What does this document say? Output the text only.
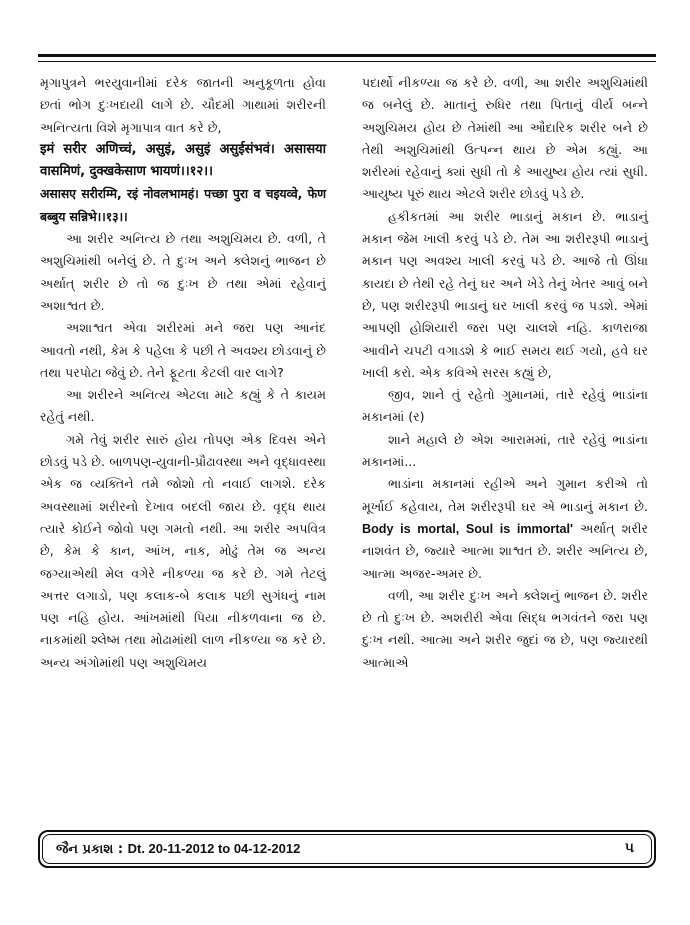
મૃગાપુત્રને ભરયુવાનીમાં દરેક જાતની અનુકૂળતા હોવા છતાં ભોગ દુઃખદાયી લાગે છે. ચૌદમી ગાથામાં શરીરની અનિત્યતા વિશે મૃગાપાત્ર વાત કરે છે,

इमं सरीर अणिच्चं, असुइं, असुइं असुईसंभवं। असासया वासमिणं, दुक्खकेसाण भायणं।।१२।।

असासए सरीरम्मि, रइं नोवलभामहं। पच्छा पुरा व चइयव्वे, फेण बब्बुय सन्निभे।।१३।।

આ શરીર અનિત્ય છે તથા અશુચિમય છે. વળી, તે અશુચિમાંથી બનેલું છે. તે દુઃખ અને ક્લેશનું ભાજન છે અર્થાત્ શરીર છે તો જ દુઃખ છે તથા એમાં રહેવાનું અશાશ્વત છે.

અશાશ્વત એવા શરીરમાં મને જરા પણ આનંદ આવતો નથી, કેમ કે પહેલા કે પછી તે અવશ્ય છોડવાનું છે તથા પરપોટા જેવું છે. તેને ફૂટતા કેટલી વાર લાગે?

આ શરીરને અનિત્ય એટલા માટે કહ્યું કે તે કાયમ રહેતું નથી.

ગમે તેવું શરીર સારું હોય તોપણ એક દિવસ એને છોડવું પડે છે. બાળપણ-યુવાની-પ્રૌઢાવસ્થા અને વૃદ્ધાવસ્થા એક જ વ્યક્તિને તમે જોશો તો નવાઈ લાગશે. દરેક અવસ્થામાં શરીરનો દેખાવ બદલી જાય છે. વૃદ્ધ થાય ત્યારે કોઈને જોવો પણ ગમતો નથી. આ શરીર અપવિત્ર છે, કેમ કે કાન, આંખ, નાક, મોઢું તેમ જ અન્ય જગ્યાએથી મેલ વગેરે નીકળ્યા જ કરે છે. ગમે તેટલું અત્તર લગાડો, પણ કલાક-બે કલાક પછી સુગંધનું નામ પણ નહિ હોય. આંખમાંથી પિયા નીકળવાના જ છે. નાકમાંથી શ્લેષ્મ તથા મોઢામાંથી લાળ નીકળ્યા જ કરે છે. અન્ય અંગોમાંથી પણ અશુચિમય

પદાર્થો નીકળ્યા જ કરે છે. વળી, આ શરીર અશુચિમાંથી જ બનેલું છે. માતાનું રુધિર તથા પિતાનું વીર્ય બન્ને અશુચિમય હોય છે તેમાંથી આ ઔદારિક શરીર બને છે તેથી અશુચિમાંથી ઉત્પન્ન થાય છે એમ કહ્યું. આ શરીરમાં રહેવાનું ક્યાં સુધી તો કે આયુષ્ય હોય ત્યાં સુધી. આયુષ્ય પૂરું થાય એટલે શરીર છોડવું પડે છે.

હકીકતમાં આ શરીર ભાડાનું મકાન છે. ભાડાનું મકાન જેમ ખાલી કરવું પડે છે. તેમ આ શરીરરૂપી ભાડાનું મકાન પણ અવશ્ય ખાલી કરવું પડે છે. આજે તો ઊંધા કાયદા છે તેથી રહે તેનું ઘર અને ખેડે તેનું ખેતર આવું બને છે, પણ શરીરરૂપી ભાડાનું ઘર ખાલી કરવું જ પડશે. એમાં આપણી હોશિયારી જરા પણ ચાલશે નહિ. કાળરાજા આવીને ચપટી વગાડશે કે ભાઈ સમય થઈ ગયો, હવે ઘર ખાલી કરો. એક કવિએ સરસ કહ્યું છે,

જીવ, શાને તું રહેતો ગુમાનમાં, તારે રહેવું ભાડાંના મકાનમાં (ર)

શાને મહાલે છે એશ આરામમાં, તારે રહેવું ભાડાંના મકાનમાં...

ભાડાંના મકાનમાં રહીએ અને ગુમાન કરીએ તો મૂર્ખાઈ કહેવાય, તેમ શરીરરૂપી ઘર એ ભાડાનું મકાન છે. Body is mortal, Soul is immortal' અર્થાત્ શરીર નાશવંત છે, જ્યારે આત્મા શાશ્વત છે. શરીર અનિત્ય છે, આત્મા અજર-અમર છે.

વળી, આ શરીર દુઃખ અને ક્લેશનું ભાજન છે. શરીર છે તો દુઃખ છે. અશરીરી એવા સિદ્ધ ભગવંતને જરા પણ દુઃખ નથી. આત્મા અને શરીર જુદાં જ છે, પણ જ્યારથી આત્માએ

જૈન પ્રકાશ : Dt. 20-11-2012 to 04-12-2012	૫
